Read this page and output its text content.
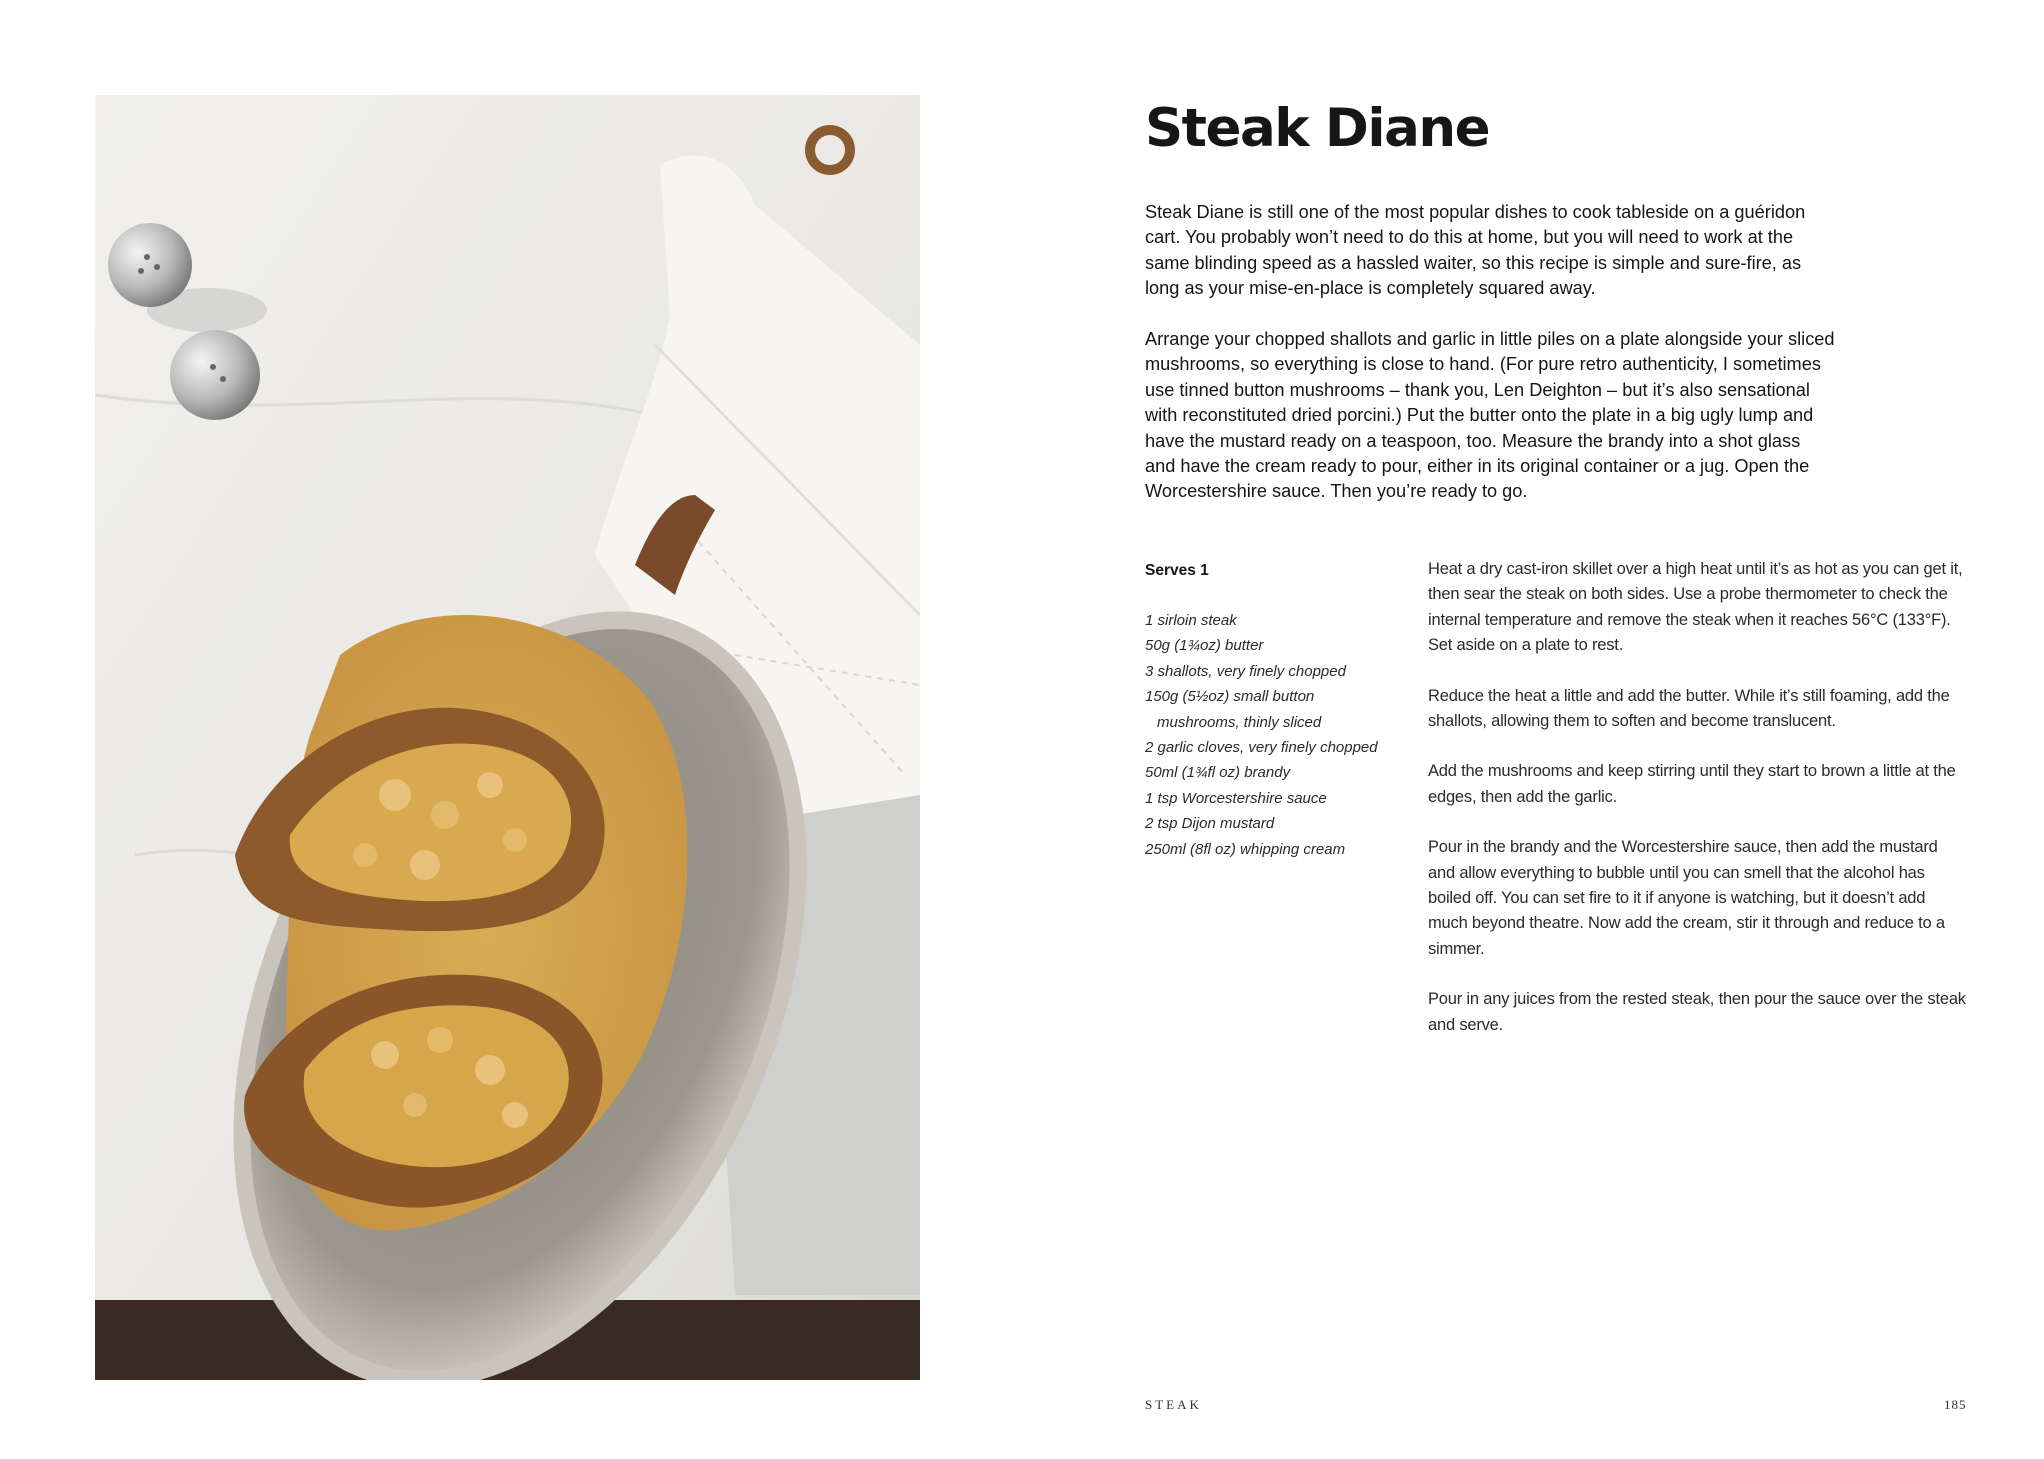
Steak Diane

Steak Diane is still one of the most popular dishes to cook tableside on a guéridon cart. You probably won’t need to do this at home, but you will need to work at the same blinding speed as a hassled waiter, so this recipe is simple and sure-fire, as long as your mise-en-place is completely squared away.

Arrange your chopped shallots and garlic in little piles on a plate alongside your sliced mushrooms, so everything is close to hand. (For pure retro authenticity, I sometimes use tinned button mushrooms – thank you, Len Deighton – but it’s also sensational with reconstituted dried porcini.) Put the butter onto the plate in a big ugly lump and have the mustard ready on a teaspoon, too. Measure the brandy into a shot glass and have the cream ready to pour, either in its original container or a jug. Open the Worcestershire sauce. Then you’re ready to go.

Serves 1
1 sirloin steak
50g (1¾oz) butter
3 shallots, very finely chopped
150g (5½oz) small button
mushrooms, thinly sliced
2 garlic cloves, very finely chopped
50ml (1¾fl oz) brandy
1 tsp Worcestershire sauce
2 tsp Dijon mustard
250ml (8fl oz) whipping cream

Heat a dry cast-iron skillet over a high heat until it’s as hot as you can get it, then sear the steak on both sides. Use a probe thermometer to check the internal temperature and remove the steak when it reaches 56°C (133°F). Set aside on a plate to rest.

Reduce the heat a little and add the butter. While it’s still foaming, add the shallots, allowing them to soften and become translucent.

Add the mushrooms and keep stirring until they start to brown a little at the edges, then add the garlic.

Pour in the brandy and the Worcestershire sauce, then add the mustard and allow everything to bubble until you can smell that the alcohol has boiled off. You can set fire to it if anyone is watching, but it doesn’t add much beyond theatre. Now add the cream, stir it through and reduce to a simmer.

Pour in any juices from the rested steak, then pour the sauce over the steak and serve.

STEAK	185
